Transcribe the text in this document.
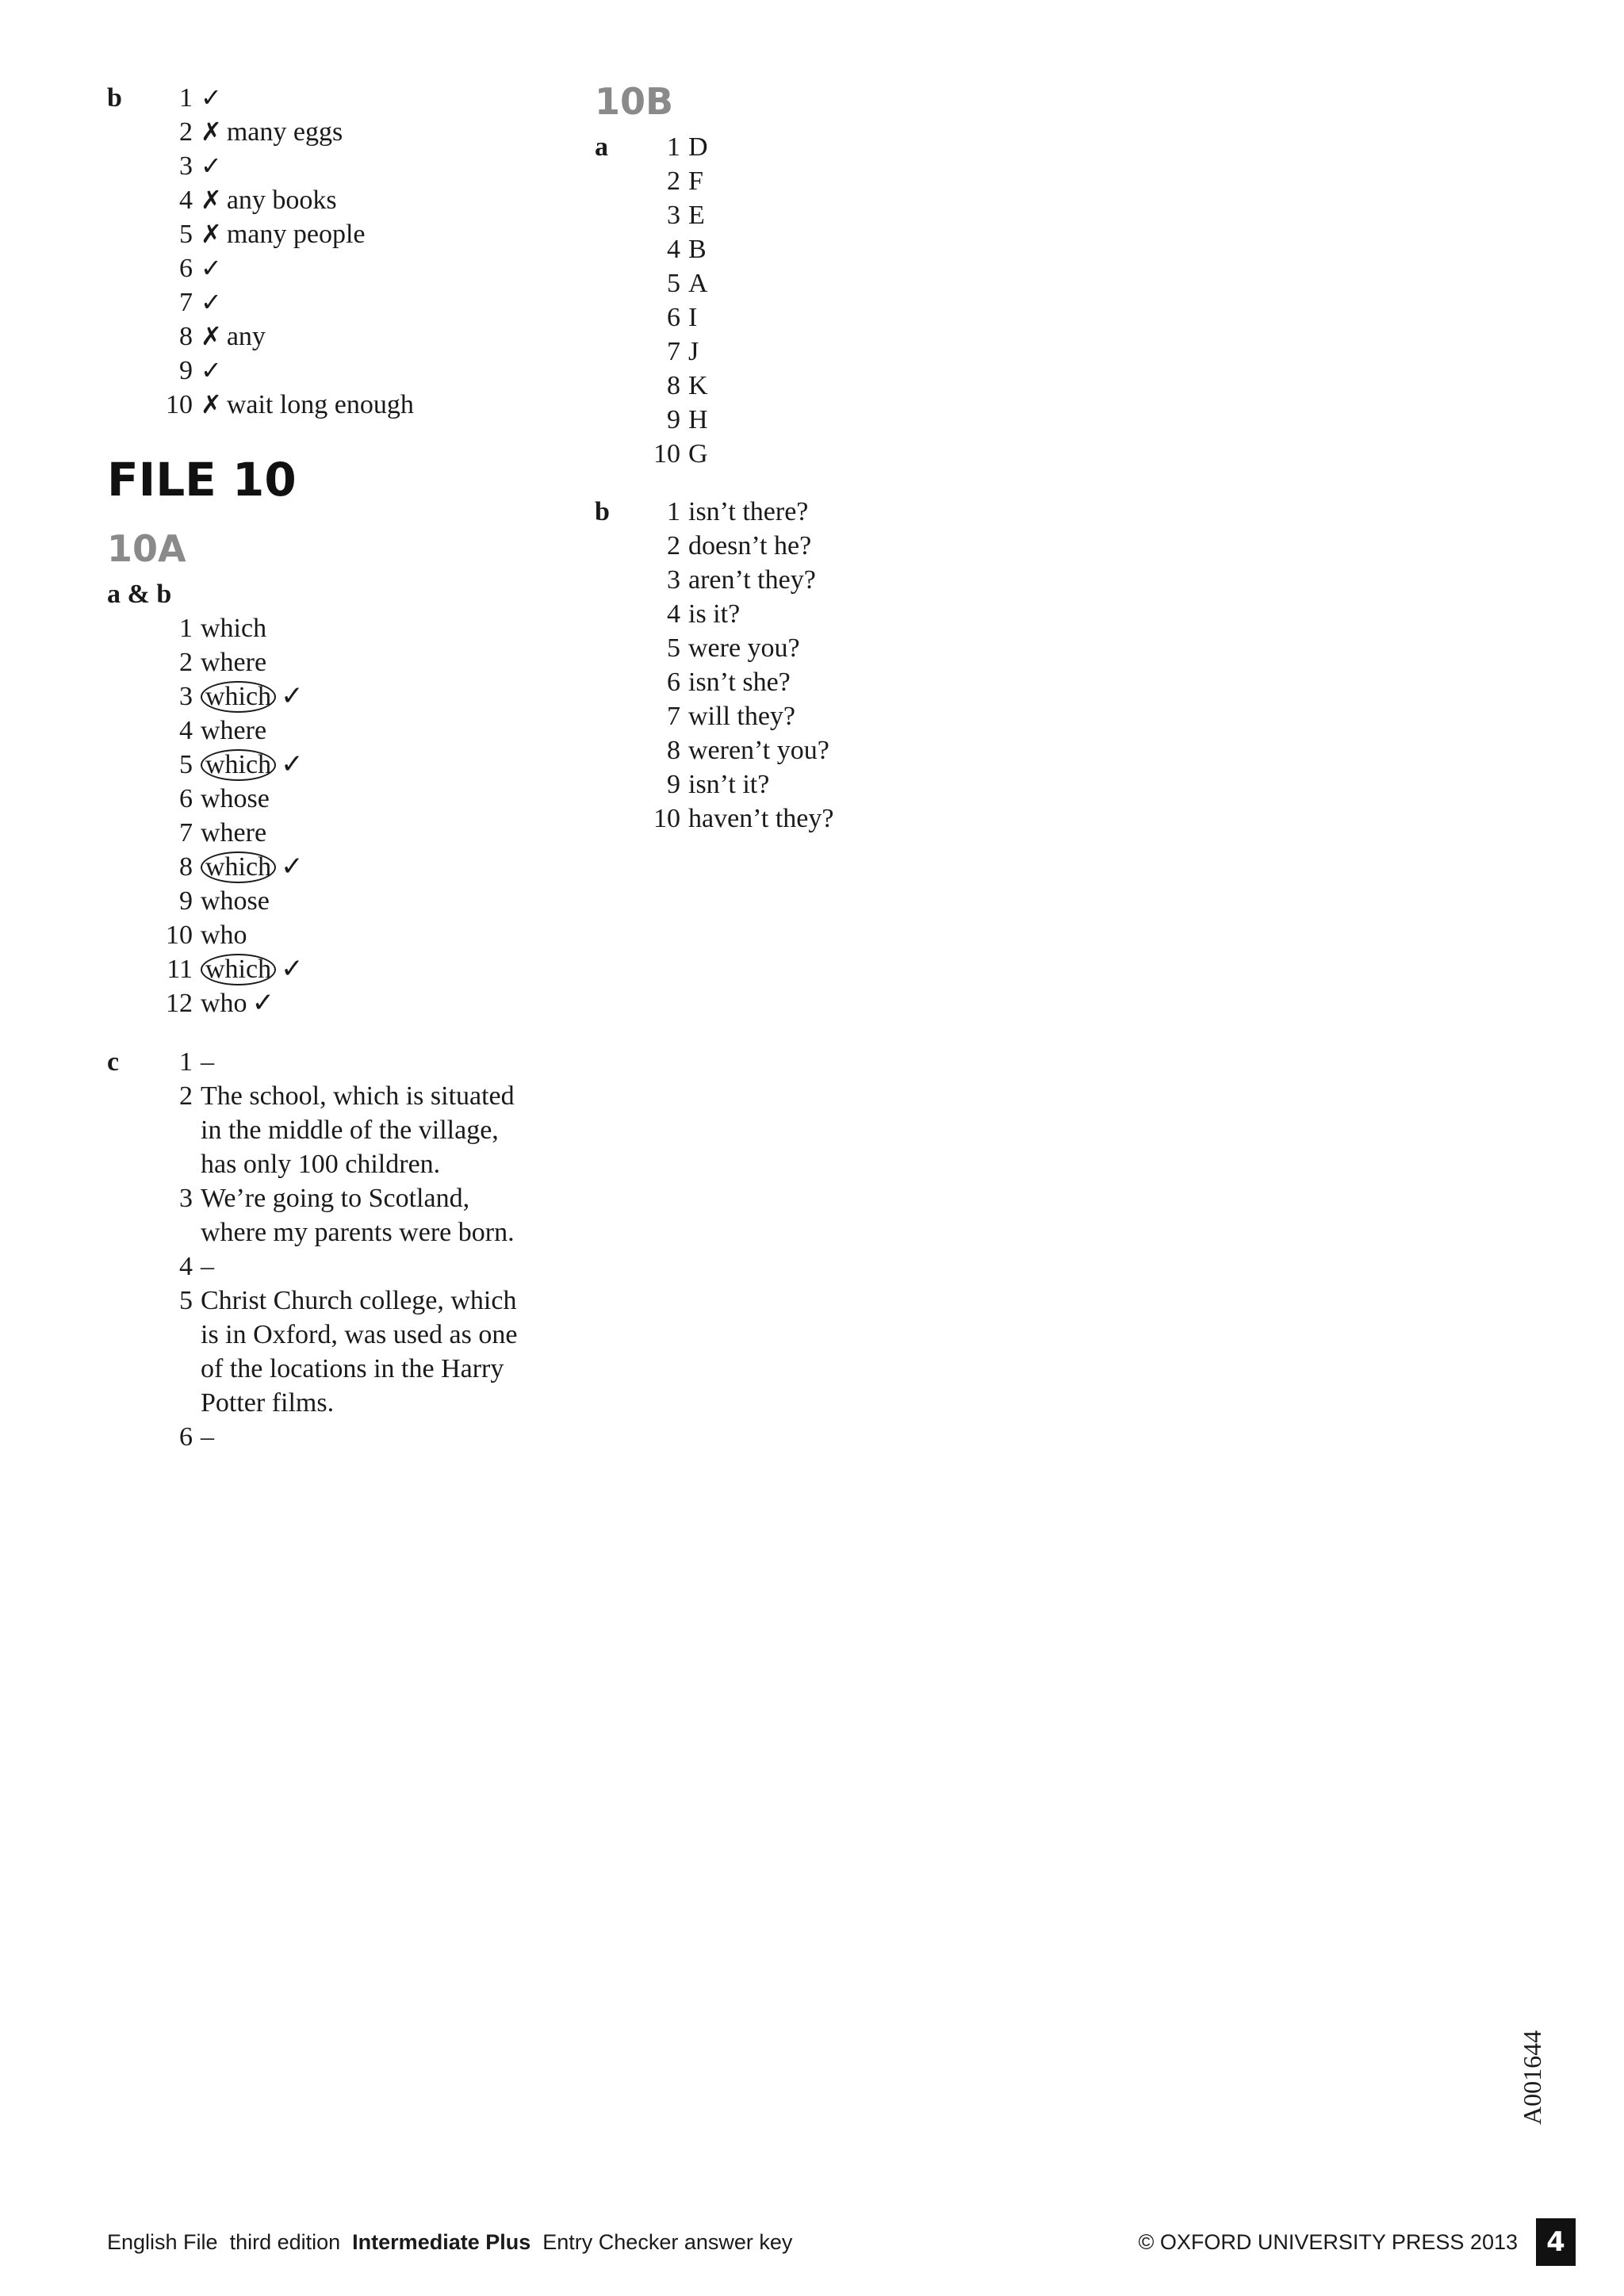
b	1 ✓
2 ✗ many eggs
3 ✓
4 ✗ any books
5 ✗ many people
6 ✓
7 ✓
8 ✗ any
9 ✓
10 ✗ wait long enough
FILE 10
10A
a & b
1 which
2 where
3 which ✓
4 where
5 which ✓
6 whose
7 where
8 which ✓
9 whose
10 who
11 which ✓
12 who ✓
c	1 –
2 The school, which is situated
in the middle of the village,
has only 100 children.
3 We’re going to Scotland,
where my parents were born.
4 –
5 Christ Church college, which
is in Oxford, was used as one
of the locations in the Harry
Potter films.
6 –
10B
a	1 D
2 F
3 E
4 B
5 A
6 I
7 J
8 K
9 H
10 G
b	1 isn’t there?
2 doesn’t he?
3 aren’t they?
4 is it?
5 were you?
6 isn’t she?
7 will they?
8 weren’t you?
9 isn’t it?
10 haven’t they?
English File  third edition Intermediate Plus Entry Checker answer key	© OXFORD UNIVERSITY PRESS 2013	4
A001644
